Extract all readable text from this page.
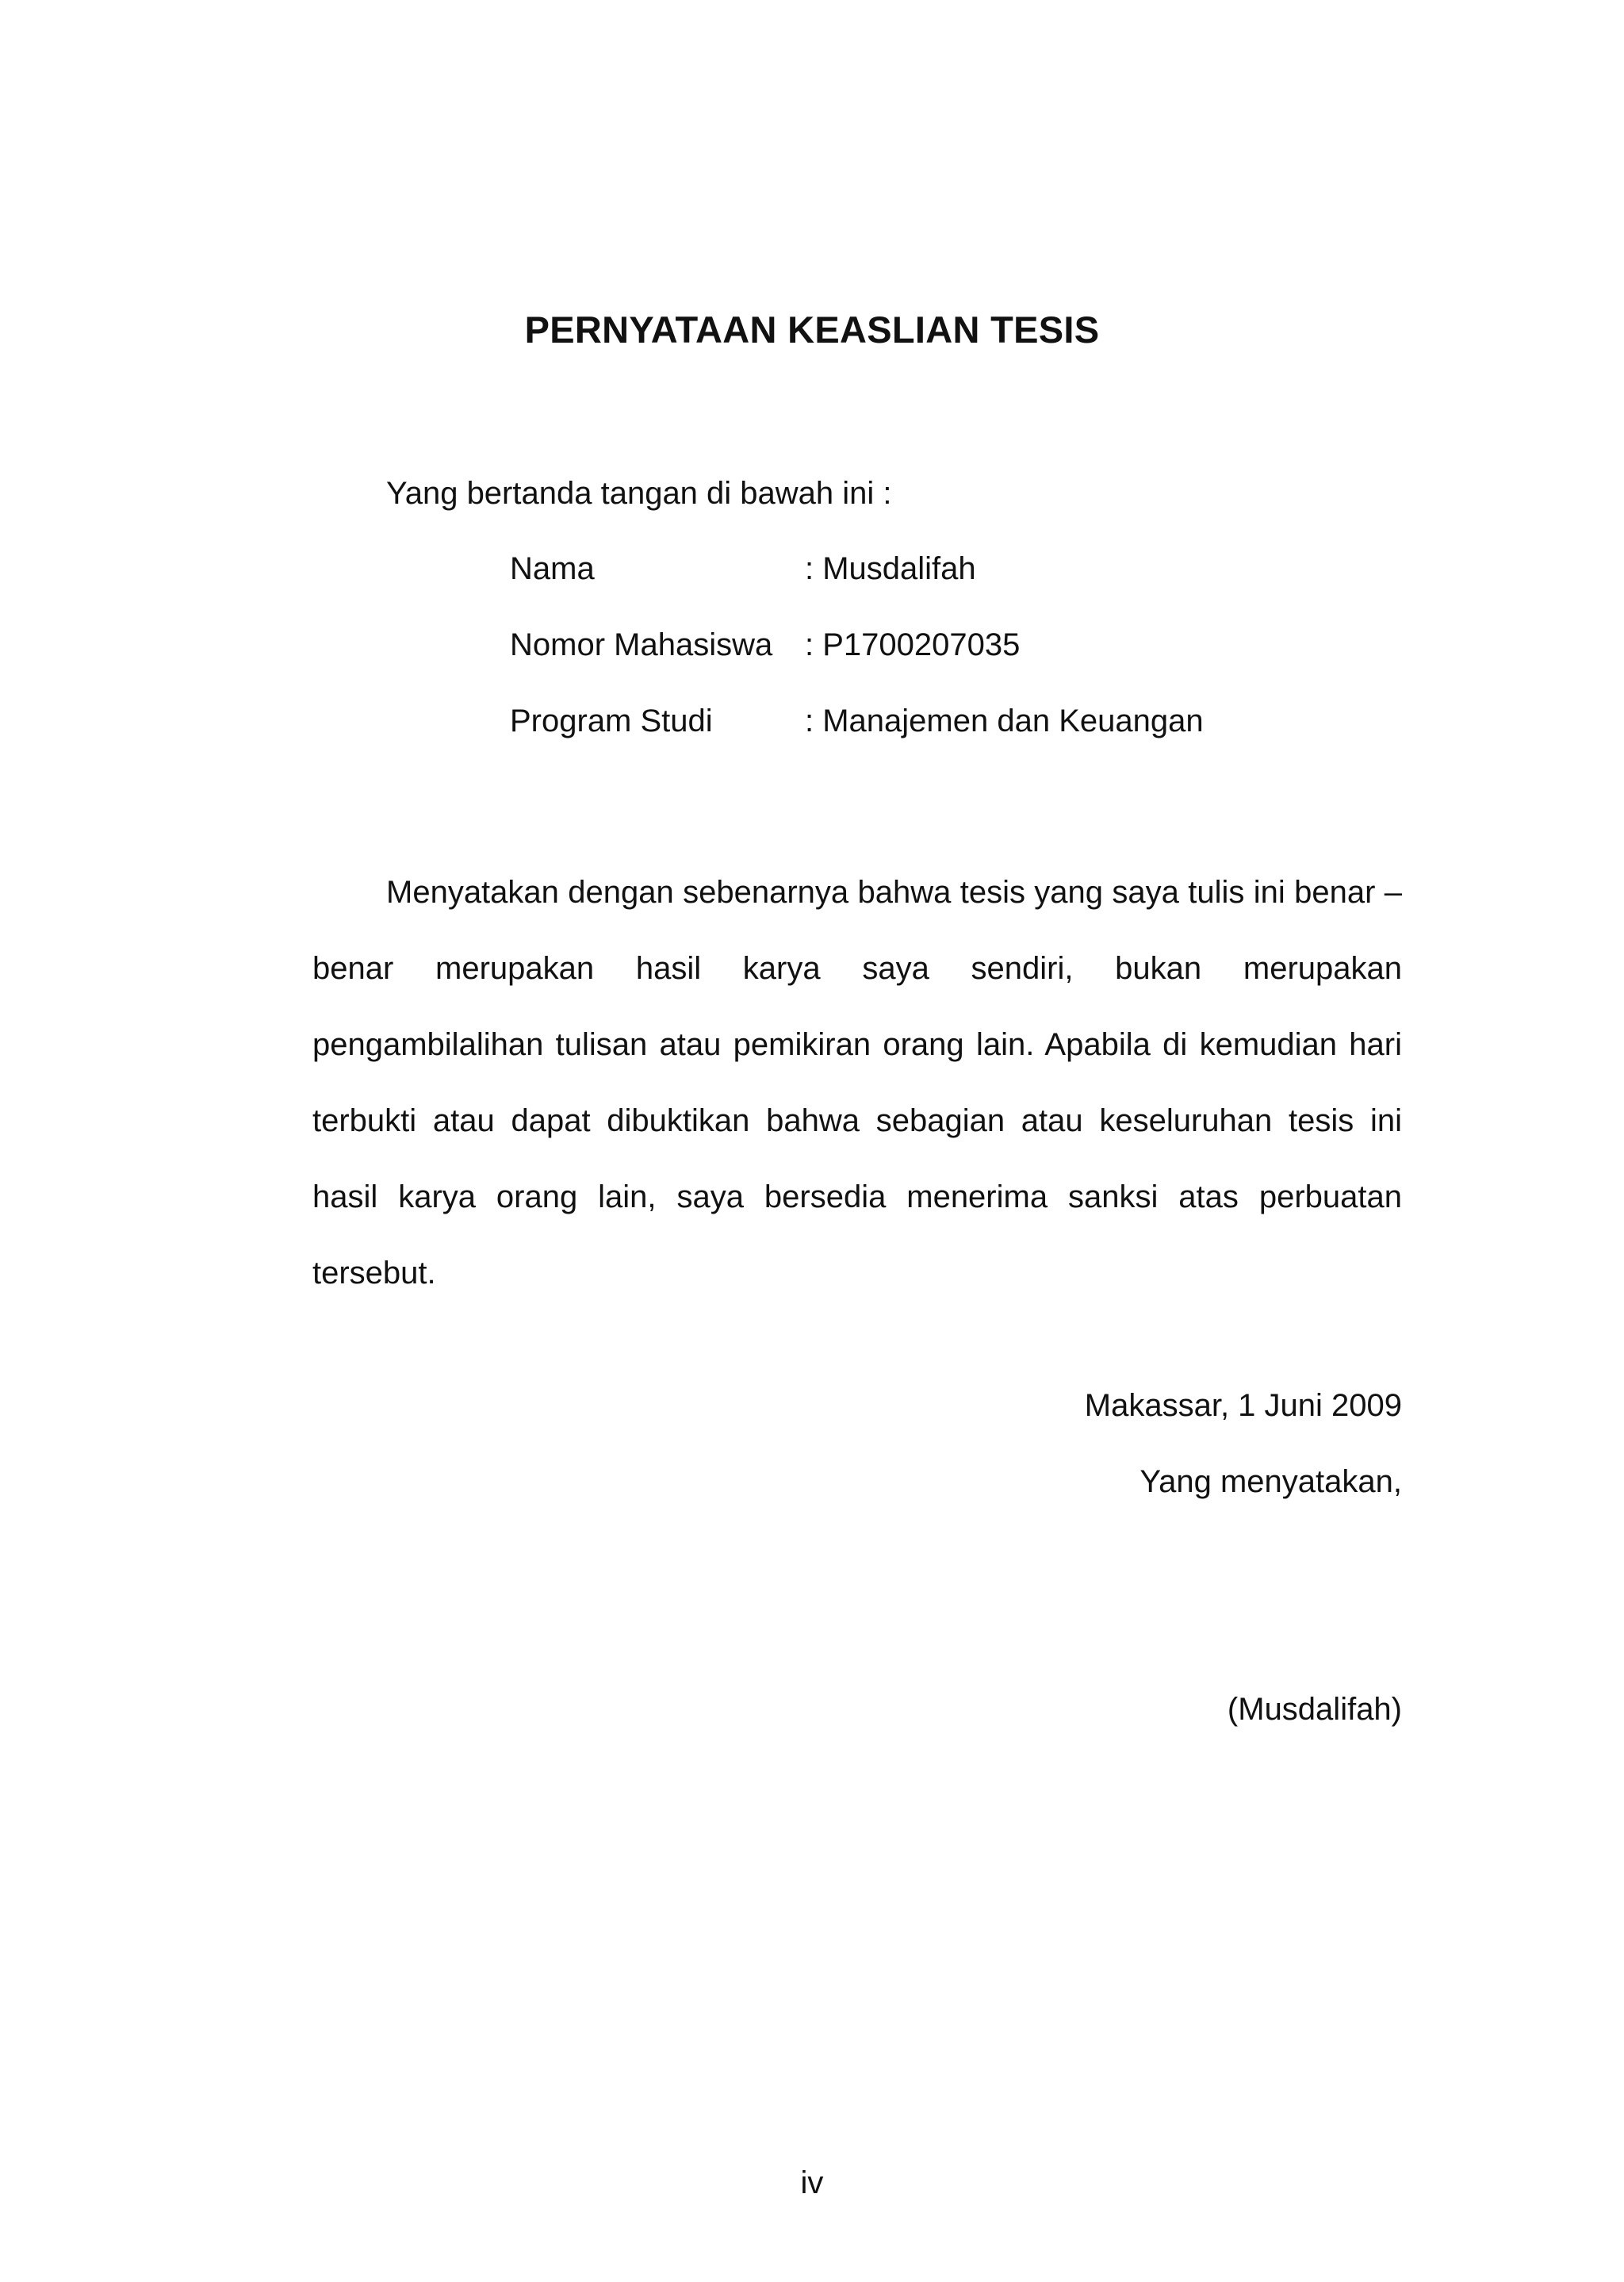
PERNYATAAN KEASLIAN TESIS
Yang bertanda tangan di bawah ini :
Nama	: Musdalifah
Nomor Mahasiswa	: P1700207035
Program Studi	: Manajemen dan Keuangan

Menyatakan dengan sebenarnya bahwa tesis yang saya tulis ini benar – benar merupakan hasil karya saya sendiri, bukan merupakan pengambilalihan tulisan atau pemikiran orang lain. Apabila di kemudian hari terbukti atau dapat dibuktikan bahwa sebagian atau keseluruhan tesis ini hasil karya orang lain, saya bersedia menerima sanksi atas perbuatan tersebut.

Makassar, 1 Juni 2009
Yang menyatakan,
(Musdalifah)
iv
